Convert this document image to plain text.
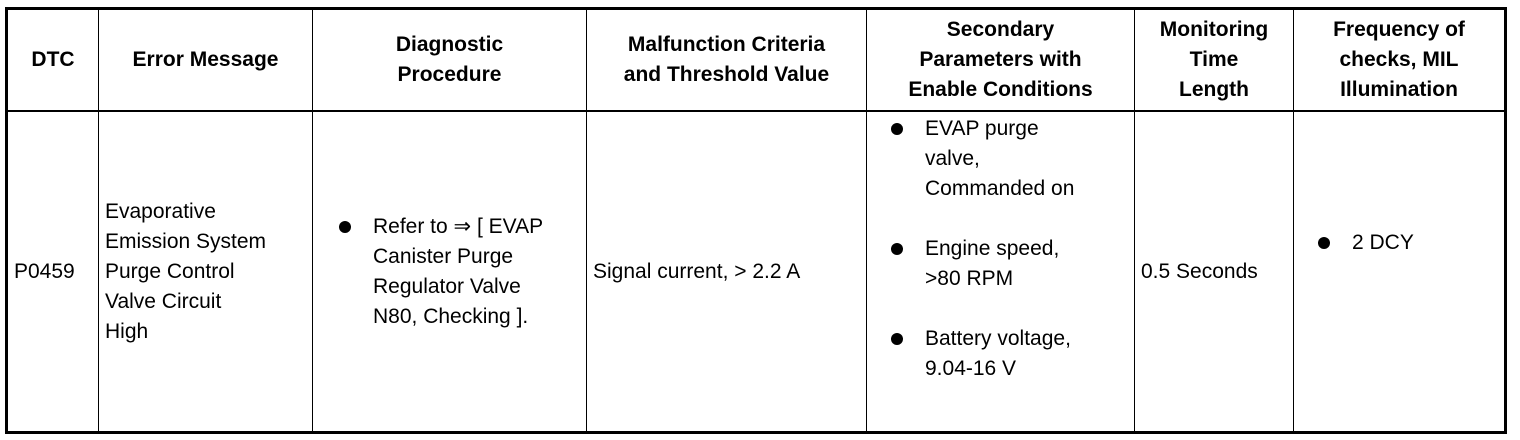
DTC	Error Message
Diagnostic
Procedure
Malfunction Criteria
and Threshold Value
Secondary
Parameters with
Enable Conditions
Monitoring
Time
Length
Frequency of
checks, MIL
Illumination
P0459
Evaporative
Emission System
Purge Control
Valve Circuit
High
Refer to ⇒ [ EVAP
Canister Purge
Regulator Valve
N80, Checking ].
Signal current, > 2.2 A
EVAP purge
valve,
Commanded on
Engine speed,
>80 RPM
Battery voltage,
9.04-16 V
0.5 Seconds
2 DCY
